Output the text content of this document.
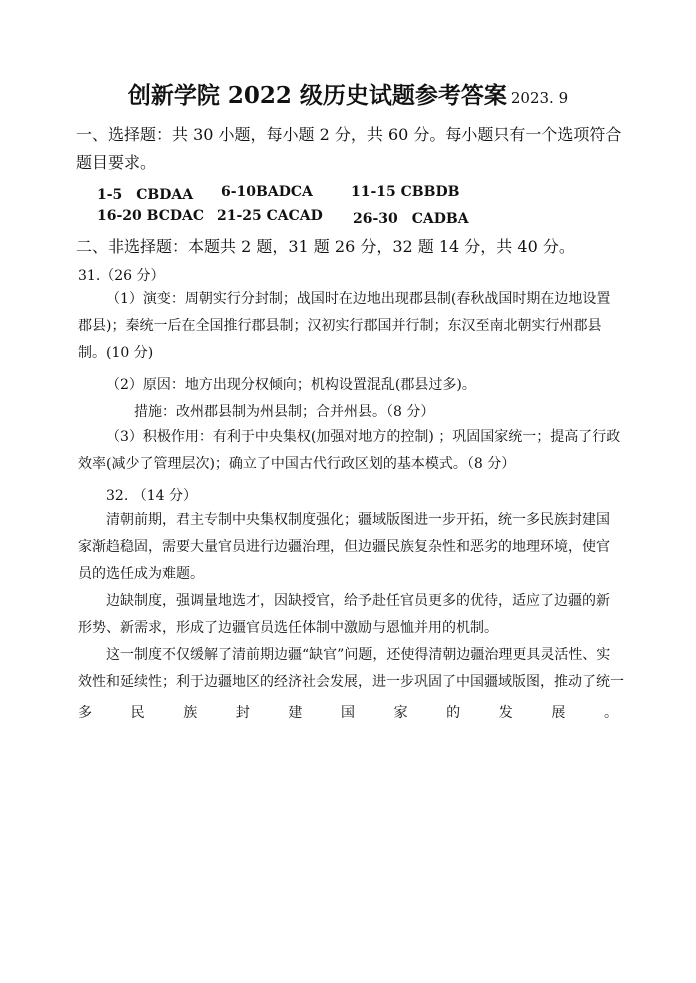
创新学院 2022 级历史试题参考答案 2023. 9
一、选择题：共 30 小题，每小题 2 分，共 60 分。每小题只有一个选项符合
题目要求。
1-5　CBDAA 6-10BADCA	11-15 CBBDB
16-20 BCDAC 21-25 CACAD 26-30　CADBA
二、非选择题：本题共 2 题，31 题 26 分，32 题 14 分，共 40 分。
31.（26 分）
（1）演变：周朝实行分封制；战国时在边地出现郡县制(春秋战国时期在边地设置
郡县)；秦统一后在全国推行郡县制；汉初实行郡国并行制；东汉至南北朝实行州郡县
制。(10 分)
（2）原因：地方出现分权倾向；机构设置混乱(郡县过多)。
措施：改州郡县制为州县制；合并州县。（8 分）
（3）积极作用：有利于中央集权(加强对地方的控制) ；巩固国家统一；提高了行政
效率(减少了管理层次)；确立了中国古代行政区划的基本模式。（8 分）
32. （14 分）
清朝前期，君主专制中央集权制度强化；疆域版图进一步开拓，统一多民族封建国
家渐趋稳固，需要大量官员进行边疆治理，但边疆民族复杂性和恶劣的地理环境，使官
员的选任成为难题。
边缺制度，强调量地选才，因缺授官，给予赴任官员更多的优待，适应了边疆的新
形势、新需求，形成了边疆官员选任体制中激励与恩恤并用的机制。
这一制度不仅缓解了清前期边疆“缺官”问题，还使得清朝边疆治理更具灵活性、实
效性和延续性；利于边疆地区的经济社会发展，进一步巩固了中国疆域版图，推动了统一
多	民	族	封	建	国	家	的	发	展	。
